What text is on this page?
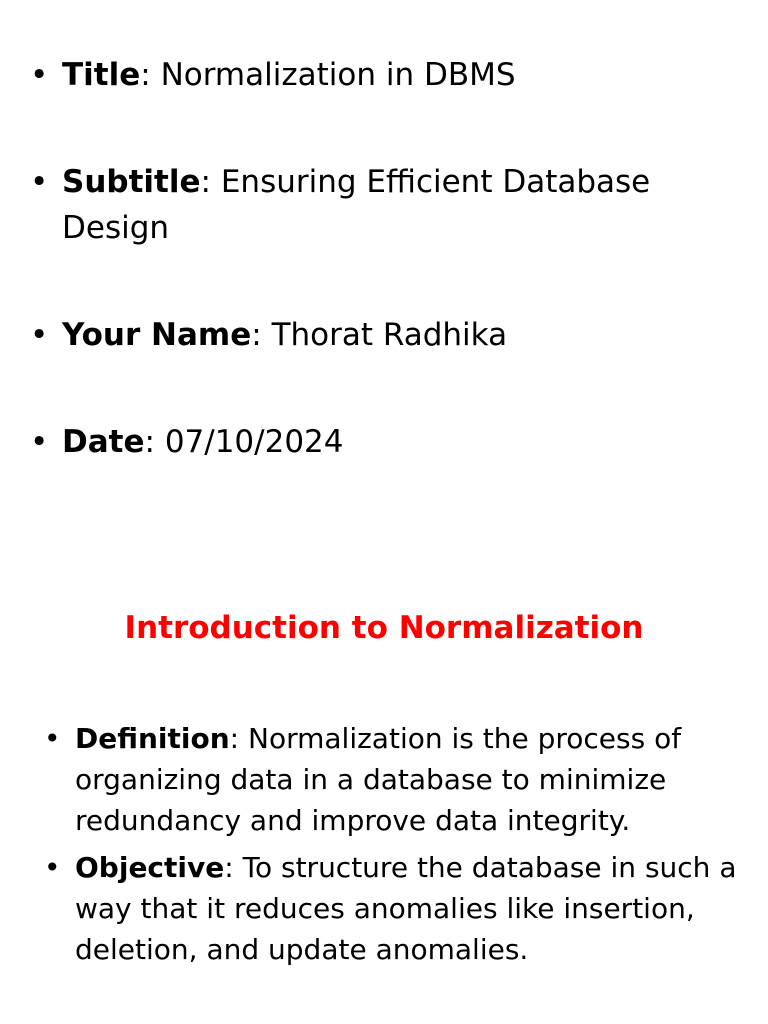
• Title: Normalization in DBMS
• Subtitle: Ensuring Efficient Database Design
• Your Name: Thorat Radhika
• Date: 07/10/2024
Introduction to Normalization
• Definition: Normalization is the process of organizing data in a database to minimize redundancy and improve data integrity.
• Objective: To structure the database in such a way that it reduces anomalies like insertion, deletion, and update anomalies.
